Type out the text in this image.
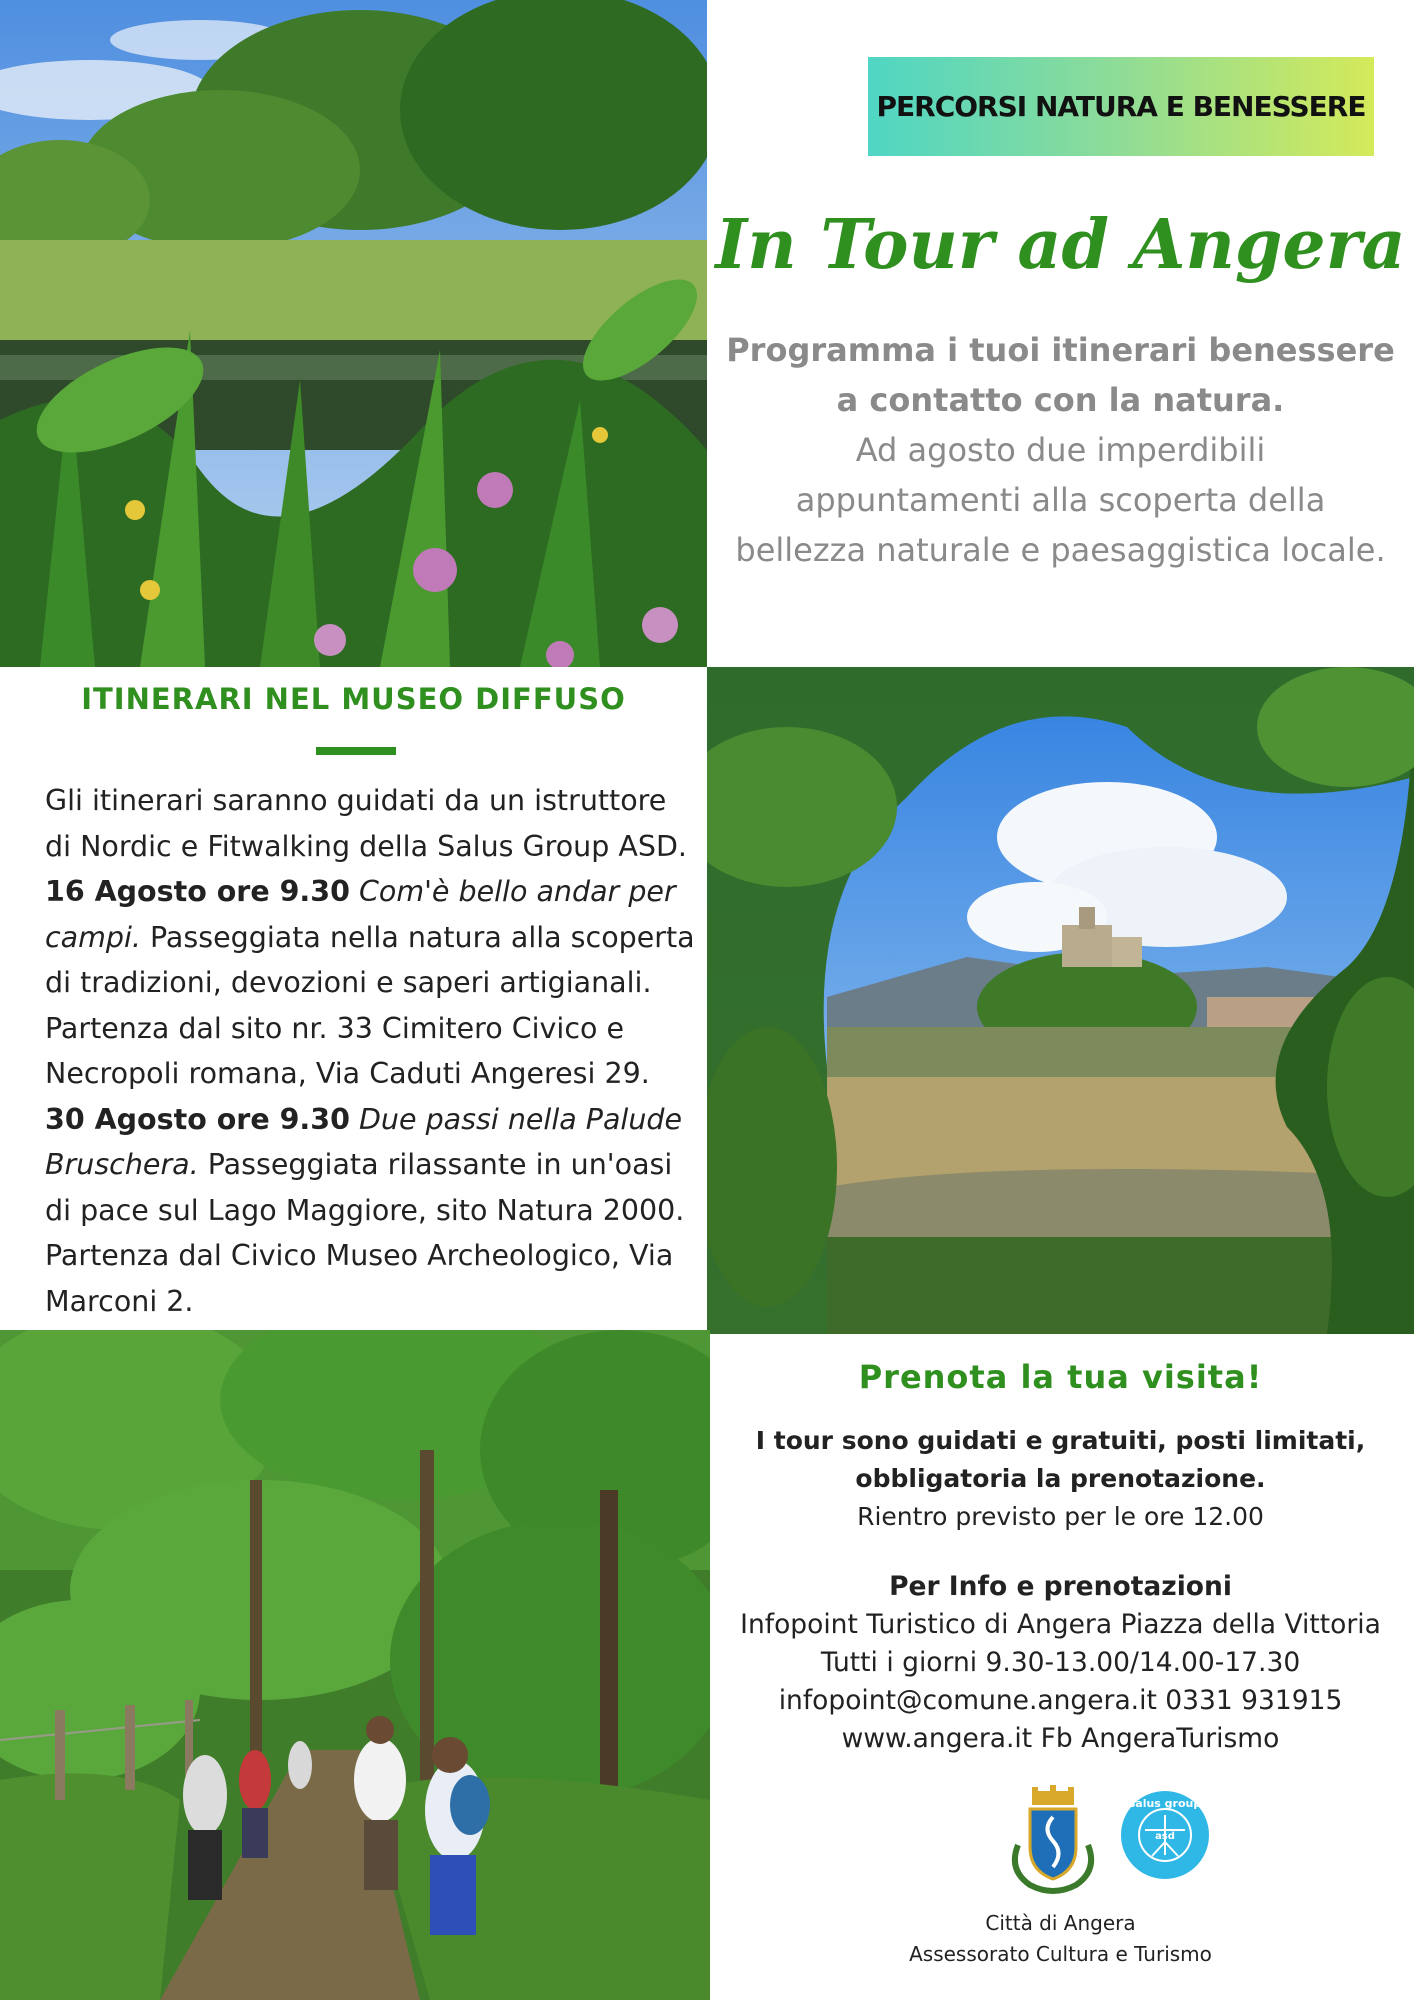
PERCORSI NATURA E BENESSERE
In Tour ad Angera
Programma i tuoi itinerari benessere
a contatto con la natura.
Ad agosto due imperdibili
appuntamenti alla scoperta della
bellezza naturale e paesaggistica locale.
ITINERARI NEL MUSEO DIFFUSO
Gli itinerari saranno guidati da un istruttore
di Nordic e Fitwalking della Salus Group ASD.
16 Agosto ore 9.30 Com'è bello andar per
campi. Passeggiata nella natura alla scoperta
di tradizioni, devozioni e saperi artigianali.
Partenza dal sito nr. 33 Cimitero Civico e
Necropoli romana, Via Caduti Angeresi 29.
30 Agosto ore 9.30 Due passi nella Palude
Bruschera. Passeggiata rilassante in un'oasi
di pace sul Lago Maggiore, sito Natura 2000.
Partenza dal Civico Museo Archeologico, Via
Marconi 2.
Prenota la tua visita!
I tour sono guidati e gratuiti, posti limitati,
obbligatoria la prenotazione.
Rientro previsto per le ore 12.00
Per Info e prenotazioni
Infopoint Turistico di Angera Piazza della Vittoria
Tutti i giorni 9.30-13.00/14.00-17.30
infopoint@comune.angera.it 0331 931915
www.angera.it Fb AngeraTurismo
salus group
asd
Città di Angera
Assessorato Cultura e Turismo
